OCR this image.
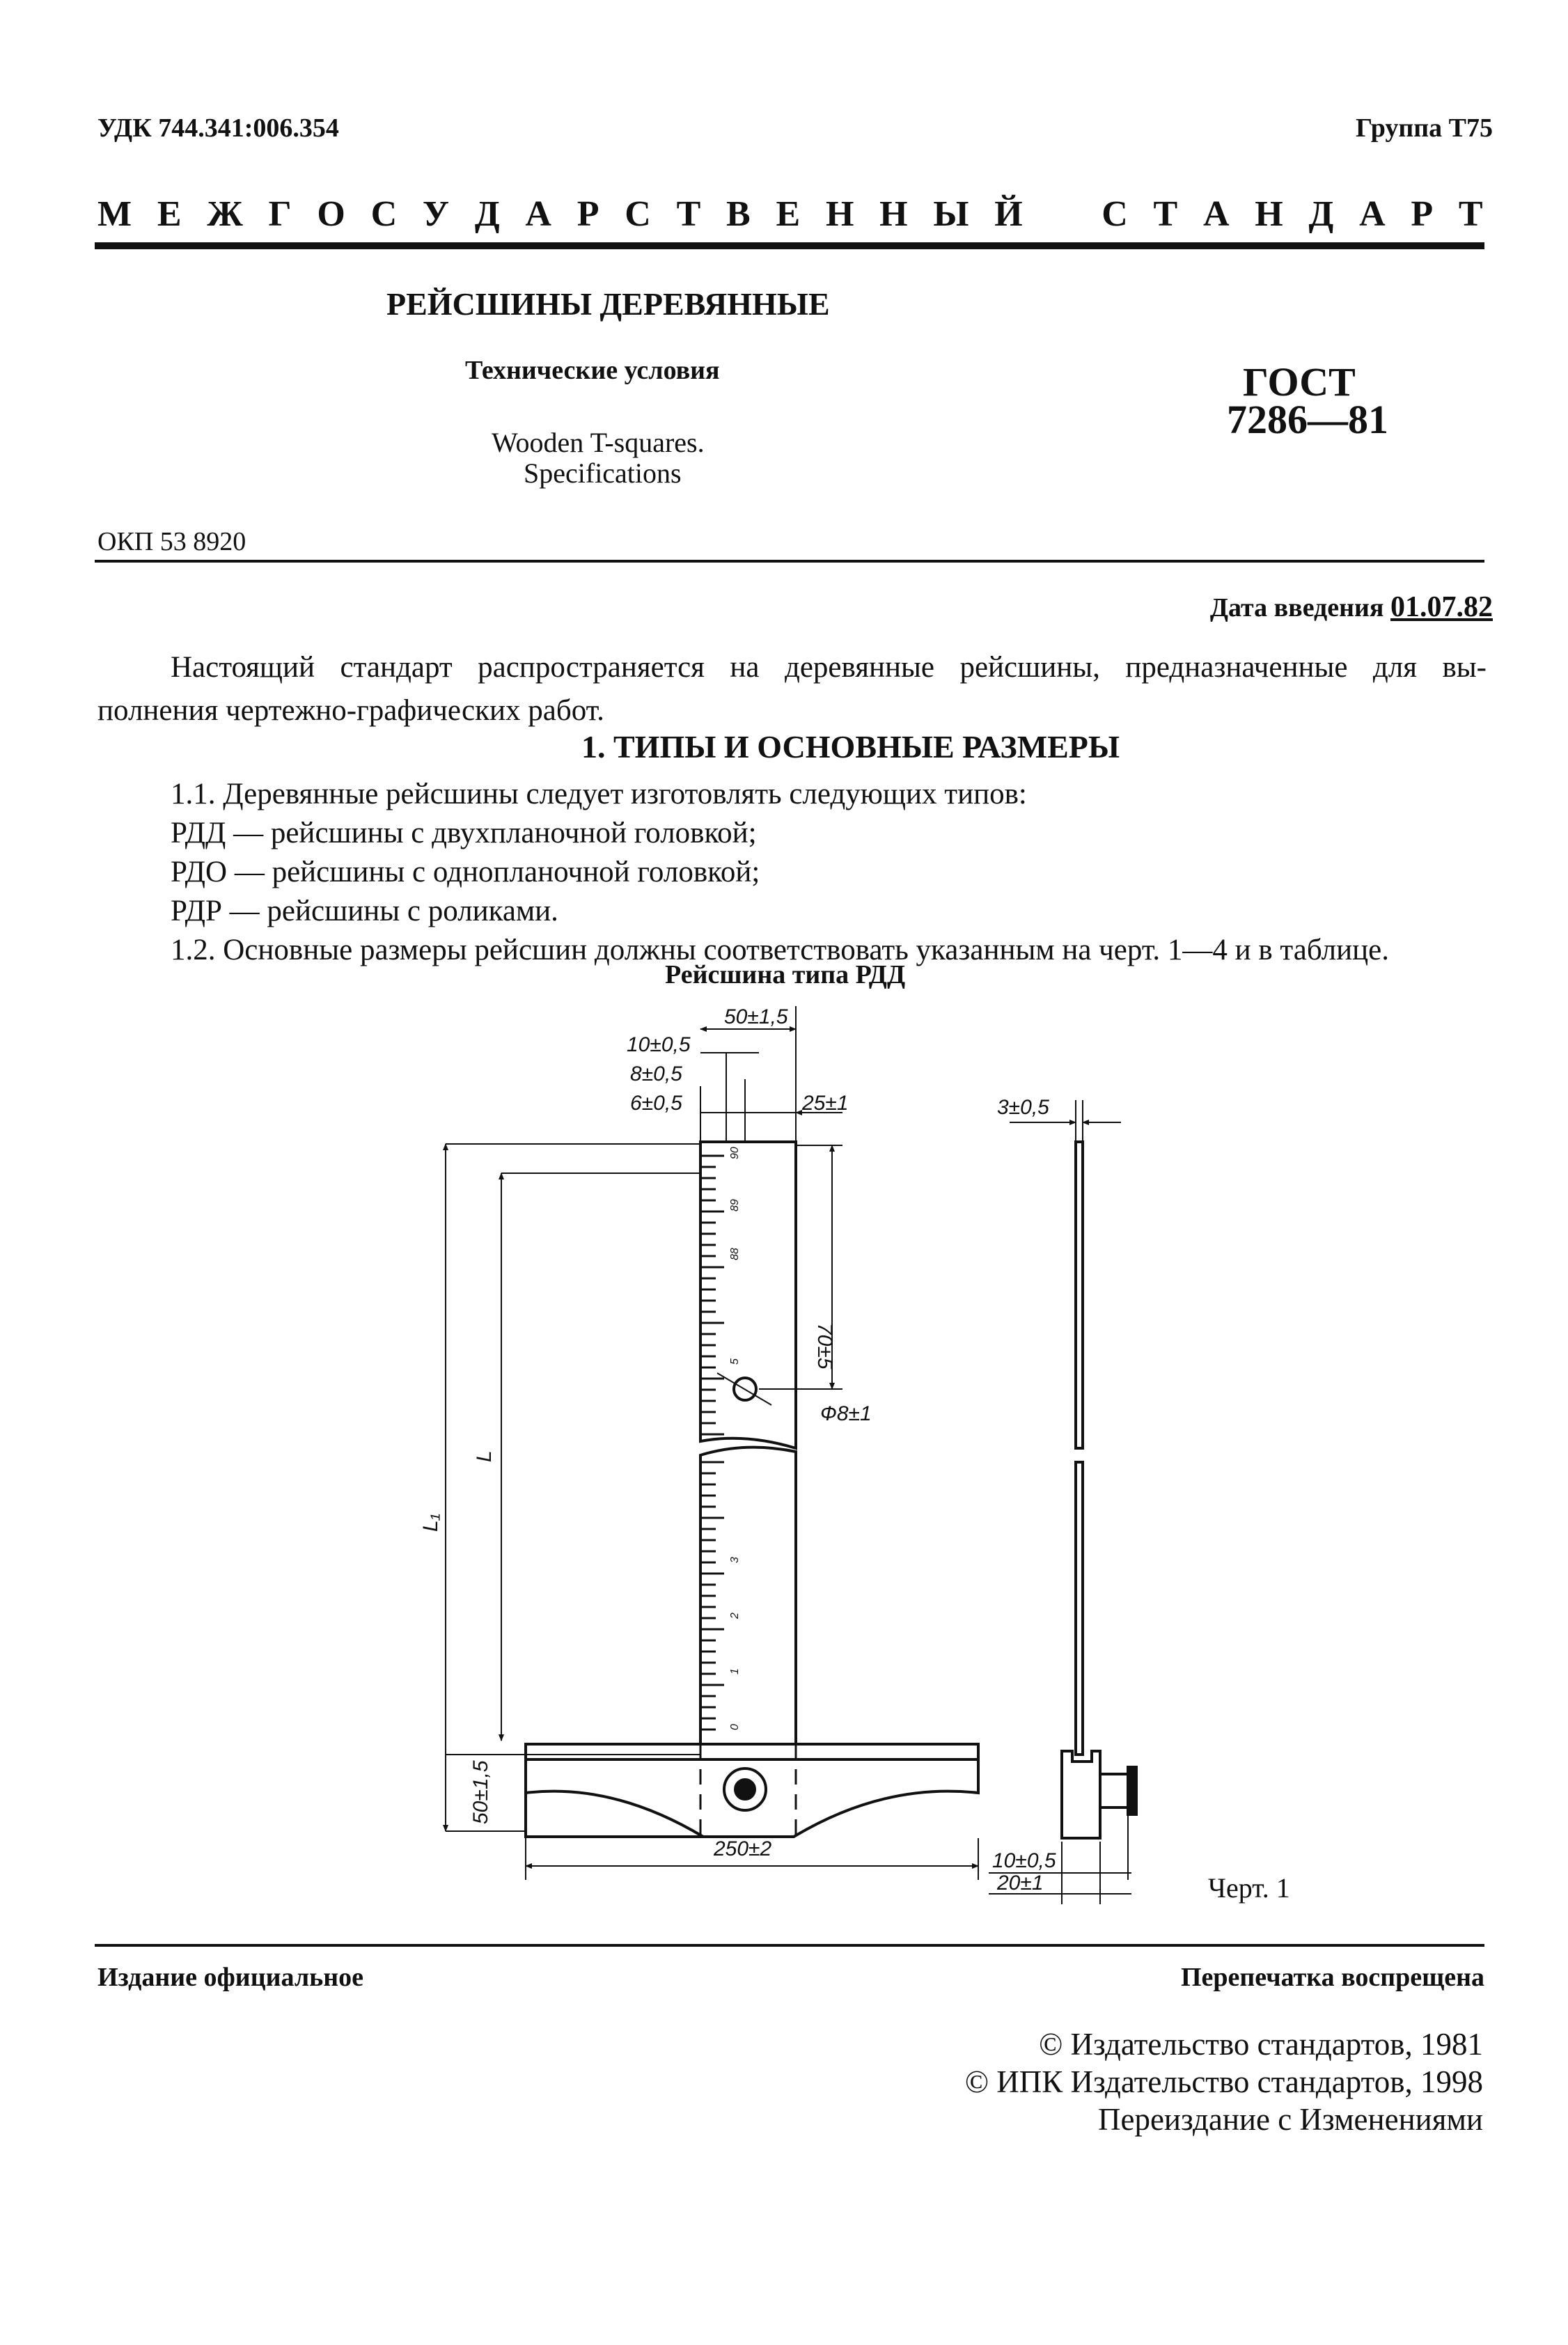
УДК 744.341:006.354	Группа Т75
М Е Ж Г О С У Д А Р С Т В Е Н Н Ы Й С Т А Н Д А Р Т
РЕЙСШИНЫ ДЕРЕВЯННЫЕ
Технические условия
Wooden T-squares.
Specifications
ГОСТ
7286—81
ОКП 53 8920
Дата введения 01.07.82
Настоящий стандарт распространяется на деревянные рейсшины, предназначенные для вы-
полнения чертежно-графических работ.
1. ТИПЫ И ОСНОВНЫЕ РАЗМЕРЫ
1.1. Деревянные рейсшины следует изготовлять следующих типов:
РДД — рейсшины с двухпланочной головкой;
РДО — рейсшины с однопланочной головкой;
РДР — рейсшины с роликами.
1.2. Основные размеры рейсшин должны соответствовать указанным на черт. 1—4 и в таблице.
Рейсшина типа РДД
0
1
2
3
5
88
89
90
50±1,5
10±0,5
8±0,5
6±0,5	25±1
70±5
Ф8±1
L
L₁
50±1,5
250±2
3±0,5
10±0,5
20±1	Черт. 1
Издание официальное	Перепечатка воспрещена
© Издательство стандартов, 1981
© ИПК Издательство стандартов, 1998
Переиздание с Изменениями
